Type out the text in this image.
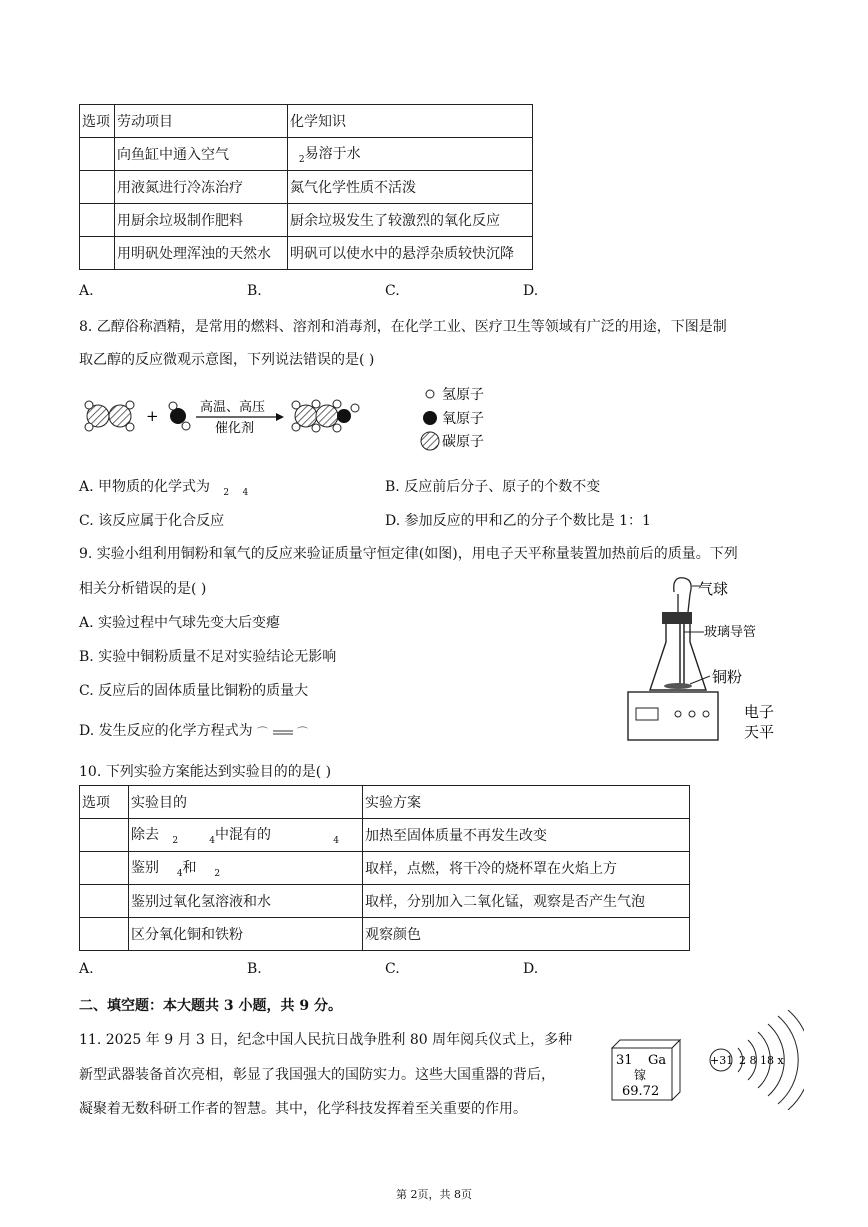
选项	劳动项目	化学知识
	向鱼缸中通入空气	$_2$易溶于水
	用液氮进行冷冻治疗	氮气化学性质不活泼
	用厨余垃圾制作肥料	厨余垃圾发生了较激烈的氧化反应
	用明矾处理浑浊的天然水	明矾可以使水中的悬浮杂质较快沉降
A.	B.	C.	D.
8. 乙醇俗称酒精，是常用的燃料、溶剂和消毒剂，在化学工业、医疗卫生等领域有广泛的用途，下图是制
取乙醇的反应微观示意图，下列说法错误的是( )
+	高温、高压
催化剂
氢原子
氧原子
碳原子
A. 甲物质的化学式为 $_2$ $_4$	B. 反应前后分子、原子的个数不变
C. 该反应属于化合反应	D. 参加反应的甲和乙的分子个数比是 1：1
9. 实验小组利用铜粉和氧气的反应来验证质量守恒定律(如图)，用电子天平称量装置加热前后的质量。下列
相关分析错误的是( )
A. 实验过程中气球先变大后变瘪
B. 实验中铜粉质量不足对实验结论无影响
C. 反应后的固体质量比铜粉的质量大
D. 发生反应的化学方程式为 ⌒	⌒
气球
玻璃导管
铜粉
电子
天平
10. 下列实验方案能达到实验目的的是( )
选项	实验目的	实验方案
	除去 $_2$ $_4$中混有的 $_4$	加热至固体质量不再发生改变
	鉴别 $_4$和 $_2$	取样，点燃，将干冷的烧杯罩在火焰上方
	鉴别过氧化氢溶液和水	取样，分别加入二氧化锰，观察是否产生气泡
	区分氧化铜和铁粉	观察颜色
A.	B.	C.	D.
二、填空题：本大题共 3 小题，共 9 分。
11. 2025 年 9 月 3 日，纪念中国人民抗日战争胜利 80 周年阅兵仪式上，多种
新型武器装备首次亮相，彰显了我国强大的国防实力。这些大国重器的背后，
凝聚着无数科研工作者的智慧。其中，化学科技发挥着至关重要的作用。
31 Ga
镓
69.72
+31 2 8 18 x
第 2页，共 8页
